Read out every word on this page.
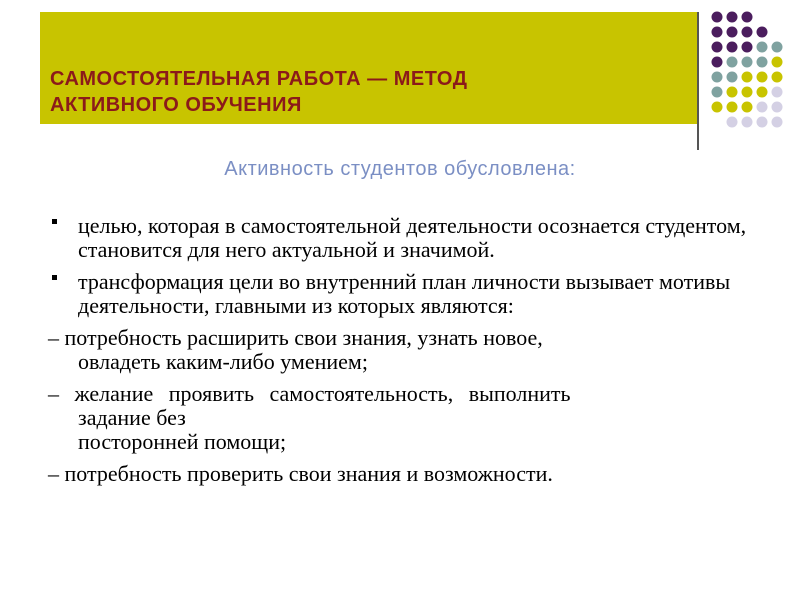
САМОСТОЯТЕЛЬНАЯ РАБОТА — МЕТОД
АКТИВНОГО ОБУЧЕНИЯ
Активность студентов обусловлена:
целью, которая в самостоятельной деятельности осознается студентом, становится для него актуальной и значимой.
трансформация цели во внутренний план личности вызывает мотивы деятельности, главными из которых являются:
– потребность расширить свои знания, узнать новое,
овладеть каким-либо умением;
– желание проявить самостоятельность, выполнить
задание без
посторонней помощи;
– потребность проверить свои знания и возможности.
